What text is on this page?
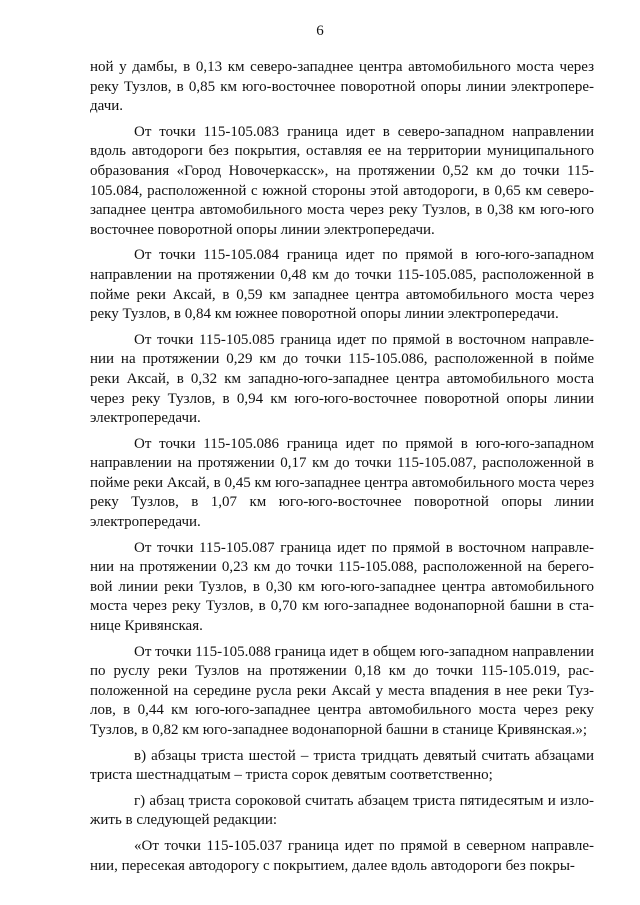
6

ной у дамбы, в 0,13 км северо-западнее центра автомобильного моста через реку Тузлов, в 0,85 км юго-восточнее поворотной опоры линии электропередачи.

От точки 115-105.083 граница идет в северо-западном направлении вдоль автодороги без покрытия, оставляя ее на территории муниципального образования «Город Новочеркасск», на протяжении 0,52 км до точки 115-105.084, расположенной с южной стороны этой автодороги, в 0,65 км северо-западнее центра автомобильного моста через реку Тузлов, в 0,38 км юго-юго восточнее поворотной опоры линии электропередачи.

От точки 115-105.084 граница идет по прямой в юго-юго-западном направлении на протяжении 0,48 км до точки 115-105.085, расположенной в пойме реки Аксай, в 0,59 км западнее центра автомобильного моста через реку Тузлов, в 0,84 км южнее поворотной опоры линии электропередачи.

От точки 115-105.085 граница идет по прямой в восточном направлении на протяжении 0,29 км до точки 115-105.086, расположенной в пойме реки Аксай, в 0,32 км западно-юго-западнее центра автомобильного моста через реку Тузлов, в 0,94 км юго-юго-восточнее поворотной опоры линии электропередачи.

От точки 115-105.086 граница идет по прямой в юго-юго-западном направлении на протяжении 0,17 км до точки 115-105.087, расположенной в пойме реки Аксай, в 0,45 км юго-западнее центра автомобильного моста через реку Тузлов, в 1,07 км юго-юго-восточнее поворотной опоры линии электропередачи.

От точки 115-105.087 граница идет по прямой в восточном направлении на протяжении 0,23 км до точки 115-105.088, расположенной на береговой линии реки Тузлов, в 0,30 км юго-юго-западнее центра автомобильного моста через реку Тузлов, в 0,70 км юго-западнее водонапорной башни в станице Кривянская.

От точки 115-105.088 граница идет в общем юго-западном направлении по руслу реки Тузлов на протяжении 0,18 км до точки 115-105.019, расположенной на середине русла реки Аксай у места впадения в нее реки Тузлов, в 0,44 км юго-юго-западнее центра автомобильного моста через реку Тузлов, в 0,82 км юго-западнее водонапорной башни в станице Кривянская.»;

в) абзацы триста шестой – триста тридцать девятый считать абзацами триста шестнадцатым – триста сорок девятым соответственно;

г) абзац триста сороковой считать абзацем триста пятидесятым и изложить в следующей редакции:

«От точки 115-105.037 граница идет по прямой в северном направлении, пересекая автодорогу с покрытием, далее вдоль автодороги без покры-
